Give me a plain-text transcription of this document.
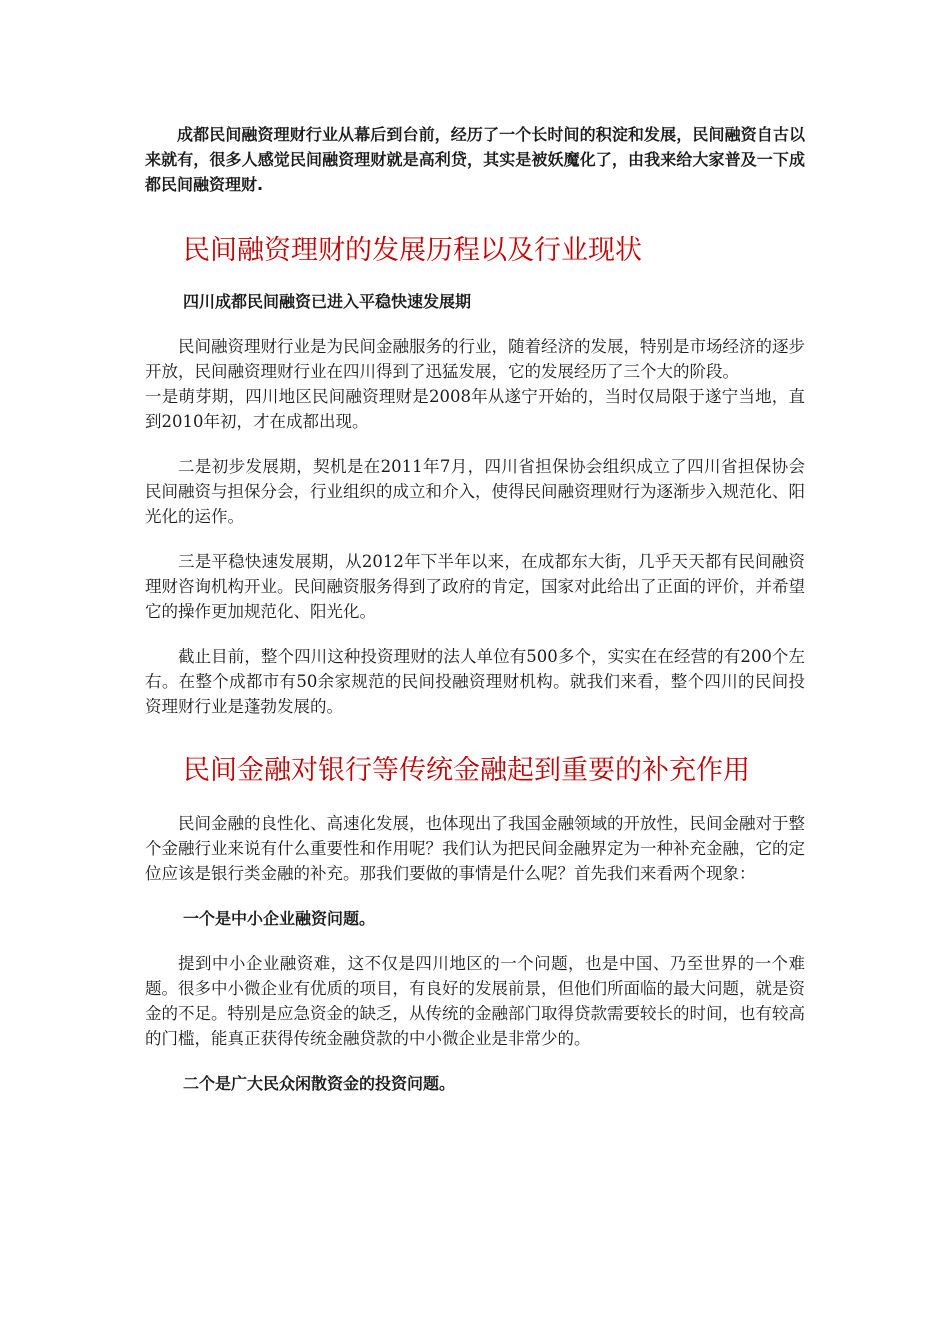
成都民间融资理财行业从幕后到台前，经历了一个长时间的积淀和发展，民间融资自古以来就有，很多人感觉民间融资理财就是高利贷，其实是被妖魔化了，由我来给大家普及一下成都民间融资理财.

民间融资理财的发展历程以及行业现状

四川成都民间融资已进入平稳快速发展期

民间融资理财行业是为民间金融服务的行业，随着经济的发展，特别是市场经济的逐步开放，民间融资理财行业在四川得到了迅猛发展，它的发展经历了三个大的阶段。

一是萌芽期，四川地区民间融资理财是2008年从遂宁开始的，当时仅局限于遂宁当地，直到2010年初，才在成都出现。

二是初步发展期，契机是在2011年7月，四川省担保协会组织成立了四川省担保协会民间融资与担保分会，行业组织的成立和介入，使得民间融资理财行为逐渐步入规范化、阳光化的运作。

三是平稳快速发展期，从2012年下半年以来，在成都东大街，几乎天天都有民间融资理财咨询机构开业。民间融资服务得到了政府的肯定，国家对此给出了正面的评价，并希望它的操作更加规范化、阳光化。

截止目前，整个四川这种投资理财的法人单位有500多个，实实在在经营的有200个左右。在整个成都市有50余家规范的民间投融资理财机构。就我们来看，整个四川的民间投资理财行业是蓬勃发展的。

民间金融对银行等传统金融起到重要的补充作用

民间金融的良性化、高速化发展，也体现出了我国金融领域的开放性，民间金融对于整个金融行业来说有什么重要性和作用呢？我们认为把民间金融界定为一种补充金融，它的定位应该是银行类金融的补充。那我们要做的事情是什么呢？首先我们来看两个现象：

一个是中小企业融资问题。

提到中小企业融资难，这不仅是四川地区的一个问题，也是中国、乃至世界的一个难题。很多中小微企业有优质的项目，有良好的发展前景，但他们所面临的最大问题，就是资金的不足。特别是应急资金的缺乏，从传统的金融部门取得贷款需要较长的时间，也有较高的门槛，能真正获得传统金融贷款的中小微企业是非常少的。

二个是广大民众闲散资金的投资问题。
